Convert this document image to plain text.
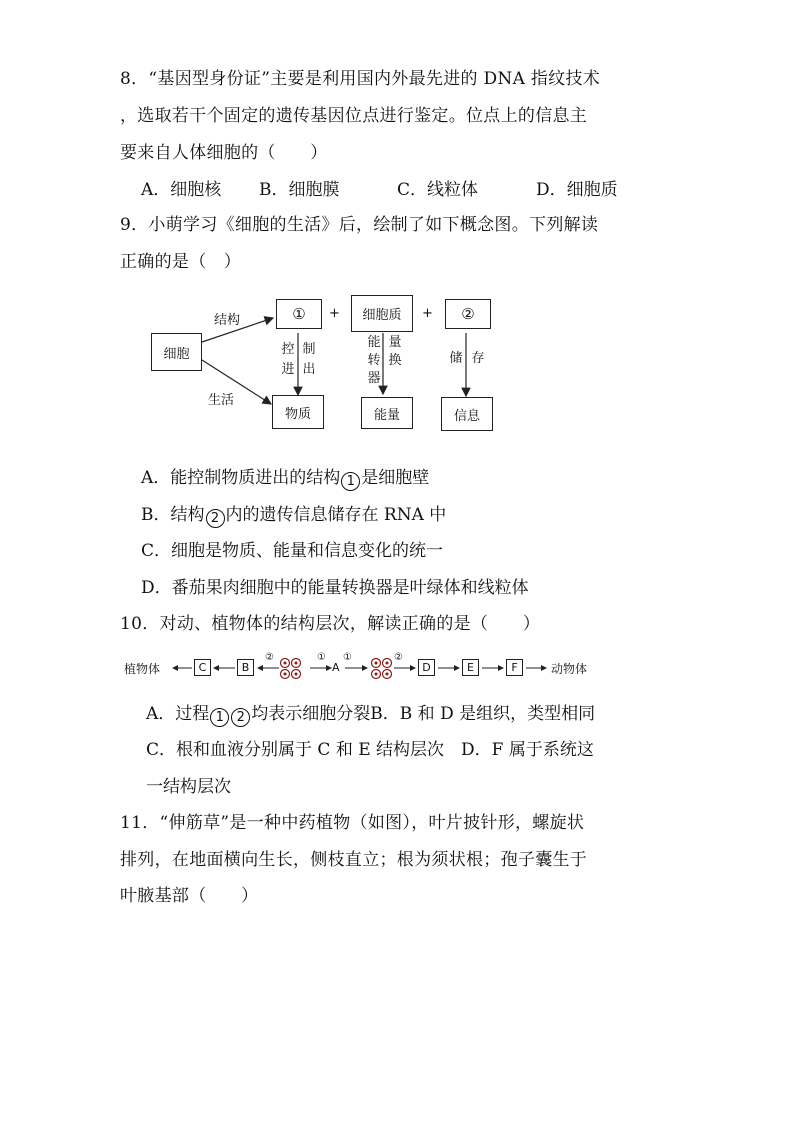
8．“基因型身份证”主要是利用国内外最先进的 DNA 指纹技术
，选取若干个固定的遗传基因位点进行鉴定。位点上的信息主
要来自人体细胞的（　　）
A．细胞核 B．细胞膜	C．线粒体	D．细胞质
9．小萌学习《细胞的生活》后，绘制了如下概念图。下列解读
正确的是（　）
细胞
结构
生活
① + 细胞质 + ②
控 制
进 出
能 量
转 换
器
储 存
物质	能量	信息
A．能控制物质进出的结构 1 是细胞壁
B．结构 2 内的遗传信息储存在 RNA 中
C．细胞是物质、能量和信息变化的统一
D．番茄果肉细胞中的能量转换器是叶绿体和线粒体
10．对动、植物体的结构层次，解读正确的是（　　）
植物体	C	B
②	①
A
①	②
D	E	F	动物体
A．过程 1 2 均表示细胞分裂B．B 和 D 是组织，类型相同
C．根和血液分别属于 C 和 E 结构层次　D．F 属于系统这
一结构层次
11．“伸筋草”是一种中药植物（如图），叶片披针形，螺旋状
排列，在地面横向生长，侧枝直立；根为须状根；孢子囊生于
叶腋基部（　　）
